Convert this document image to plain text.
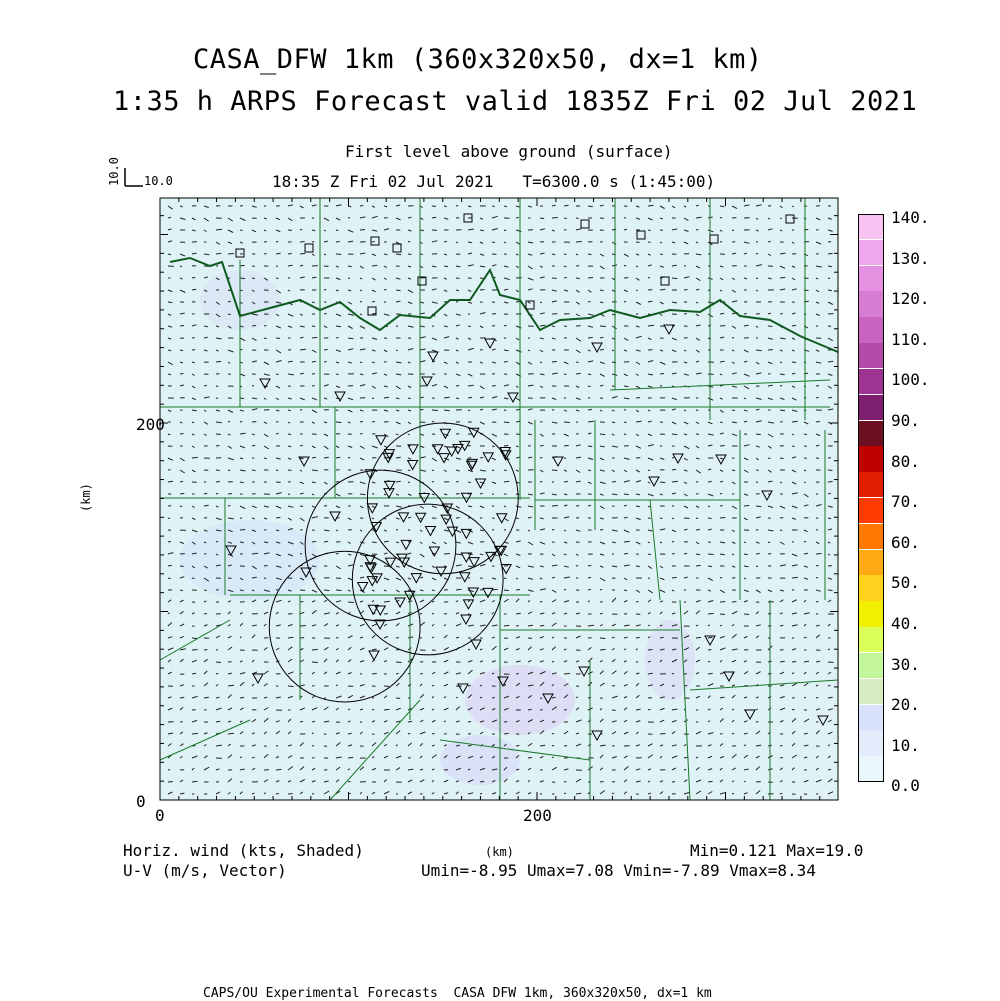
CASA_DFW 1km (360x320x50, dx=1 km)
1:35 h ARPS Forecast valid 1835Z Fri 02 Jul 2021
First level above ground (surface)
18:35 Z Fri 02 Jul 2021   T=6300.0 s (1:45:00)
10.0 10.0
200
0
0	200
(km)
(km)
140.
130.
120.
110.
100.
90.
80.
70.
60.
50.
40.
30.
20.
10.
0.0
Horiz. wind (kts, Shaded)
U-V (m/s, Vector)
Min=0.121 Max=19.0
Umin=-8.95 Umax=7.08 Vmin=-7.89 Vmax=8.34
CAPS/OU Experimental Forecasts  CASA DFW 1km, 360x320x50, dx=1 km
